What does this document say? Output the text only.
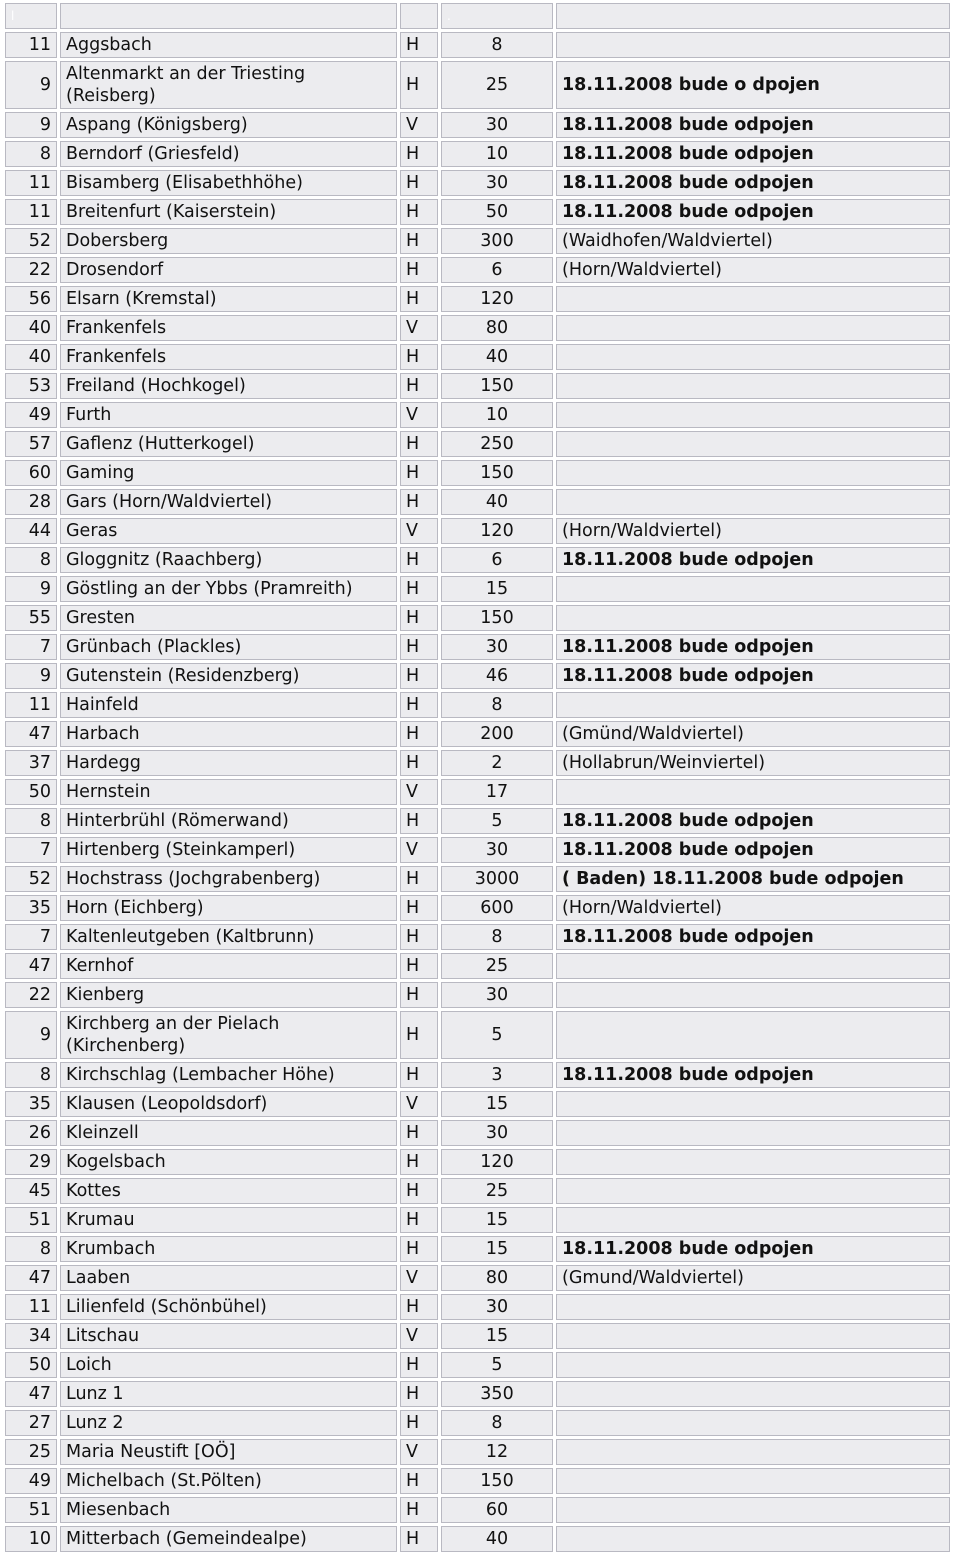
l			.	
11	Aggsbach	H	8	
9	Altenmarkt an der Triesting (Reisberg)	H	25	18.11.2008 bude o dpojen
9	Aspang (Königsberg)	V	30	18.11.2008 bude odpojen
8	Berndorf (Griesfeld)	H	10	18.11.2008 bude odpojen
11	Bisamberg (Elisabethhöhe)	H	30	18.11.2008 bude odpojen
11	Breitenfurt (Kaiserstein)	H	50	18.11.2008 bude odpojen
52	Dobersberg	H	300	(Waidhofen/Waldviertel)
22	Drosendorf	H	6	(Horn/Waldviertel)
56	Elsarn (Kremstal)	H	120	
40	Frankenfels	V	80	
40	Frankenfels	H	40	
53	Freiland (Hochkogel)	H	150	
49	Furth	V	10	
57	Gaflenz (Hutterkogel)	H	250	
60	Gaming	H	150	
28	Gars (Horn/Waldviertel)	H	40	
44	Geras	V	120	(Horn/Waldviertel)
8	Gloggnitz (Raachberg)	H	6	18.11.2008 bude odpojen
9	Göstling an der Ybbs (Pramreith)	H	15	
55	Gresten	H	150	
7	Grünbach (Plackles)	H	30	18.11.2008 bude odpojen
9	Gutenstein (Residenzberg)	H	46	18.11.2008 bude odpojen
11	Hainfeld	H	8	
47	Harbach	H	200	(Gmünd/Waldviertel)
37	Hardegg	H	2	(Hollabrun/Weinviertel)
50	Hernstein	V	17	
8	Hinterbrühl (Römerwand)	H	5	18.11.2008 bude odpojen
7	Hirtenberg (Steinkamperl)	V	30	18.11.2008 bude odpojen
52	Hochstrass (Jochgrabenberg)	H	3000	( Baden) 18.11.2008 bude odpojen
35	Horn (Eichberg)	H	600	(Horn/Waldviertel)
7	Kaltenleutgeben (Kaltbrunn)	H	8	18.11.2008 bude odpojen
47	Kernhof	H	25	
22	Kienberg	H	30	
9	Kirchberg an der Pielach (Kirchenberg)	H	5	
8	Kirchschlag (Lembacher Höhe)	H	3	18.11.2008 bude odpojen
35	Klausen (Leopoldsdorf)	V	15	
26	Kleinzell	H	30	
29	Kogelsbach	H	120	
45	Kottes	H	25	
51	Krumau	H	15	
8	Krumbach	H	15	18.11.2008 bude odpojen
47	Laaben	V	80	(Gmund/Waldviertel)
11	Lilienfeld (Schönbühel)	H	30	
34	Litschau	V	15	
50	Loich	H	5	
47	Lunz 1	H	350	
27	Lunz 2	H	8	
25	Maria Neustift [OÖ]	V	12	
49	Michelbach (St.Pölten)	H	150	
51	Miesenbach	H	60	
10	Mitterbach (Gemeindealpe)	H	40	
